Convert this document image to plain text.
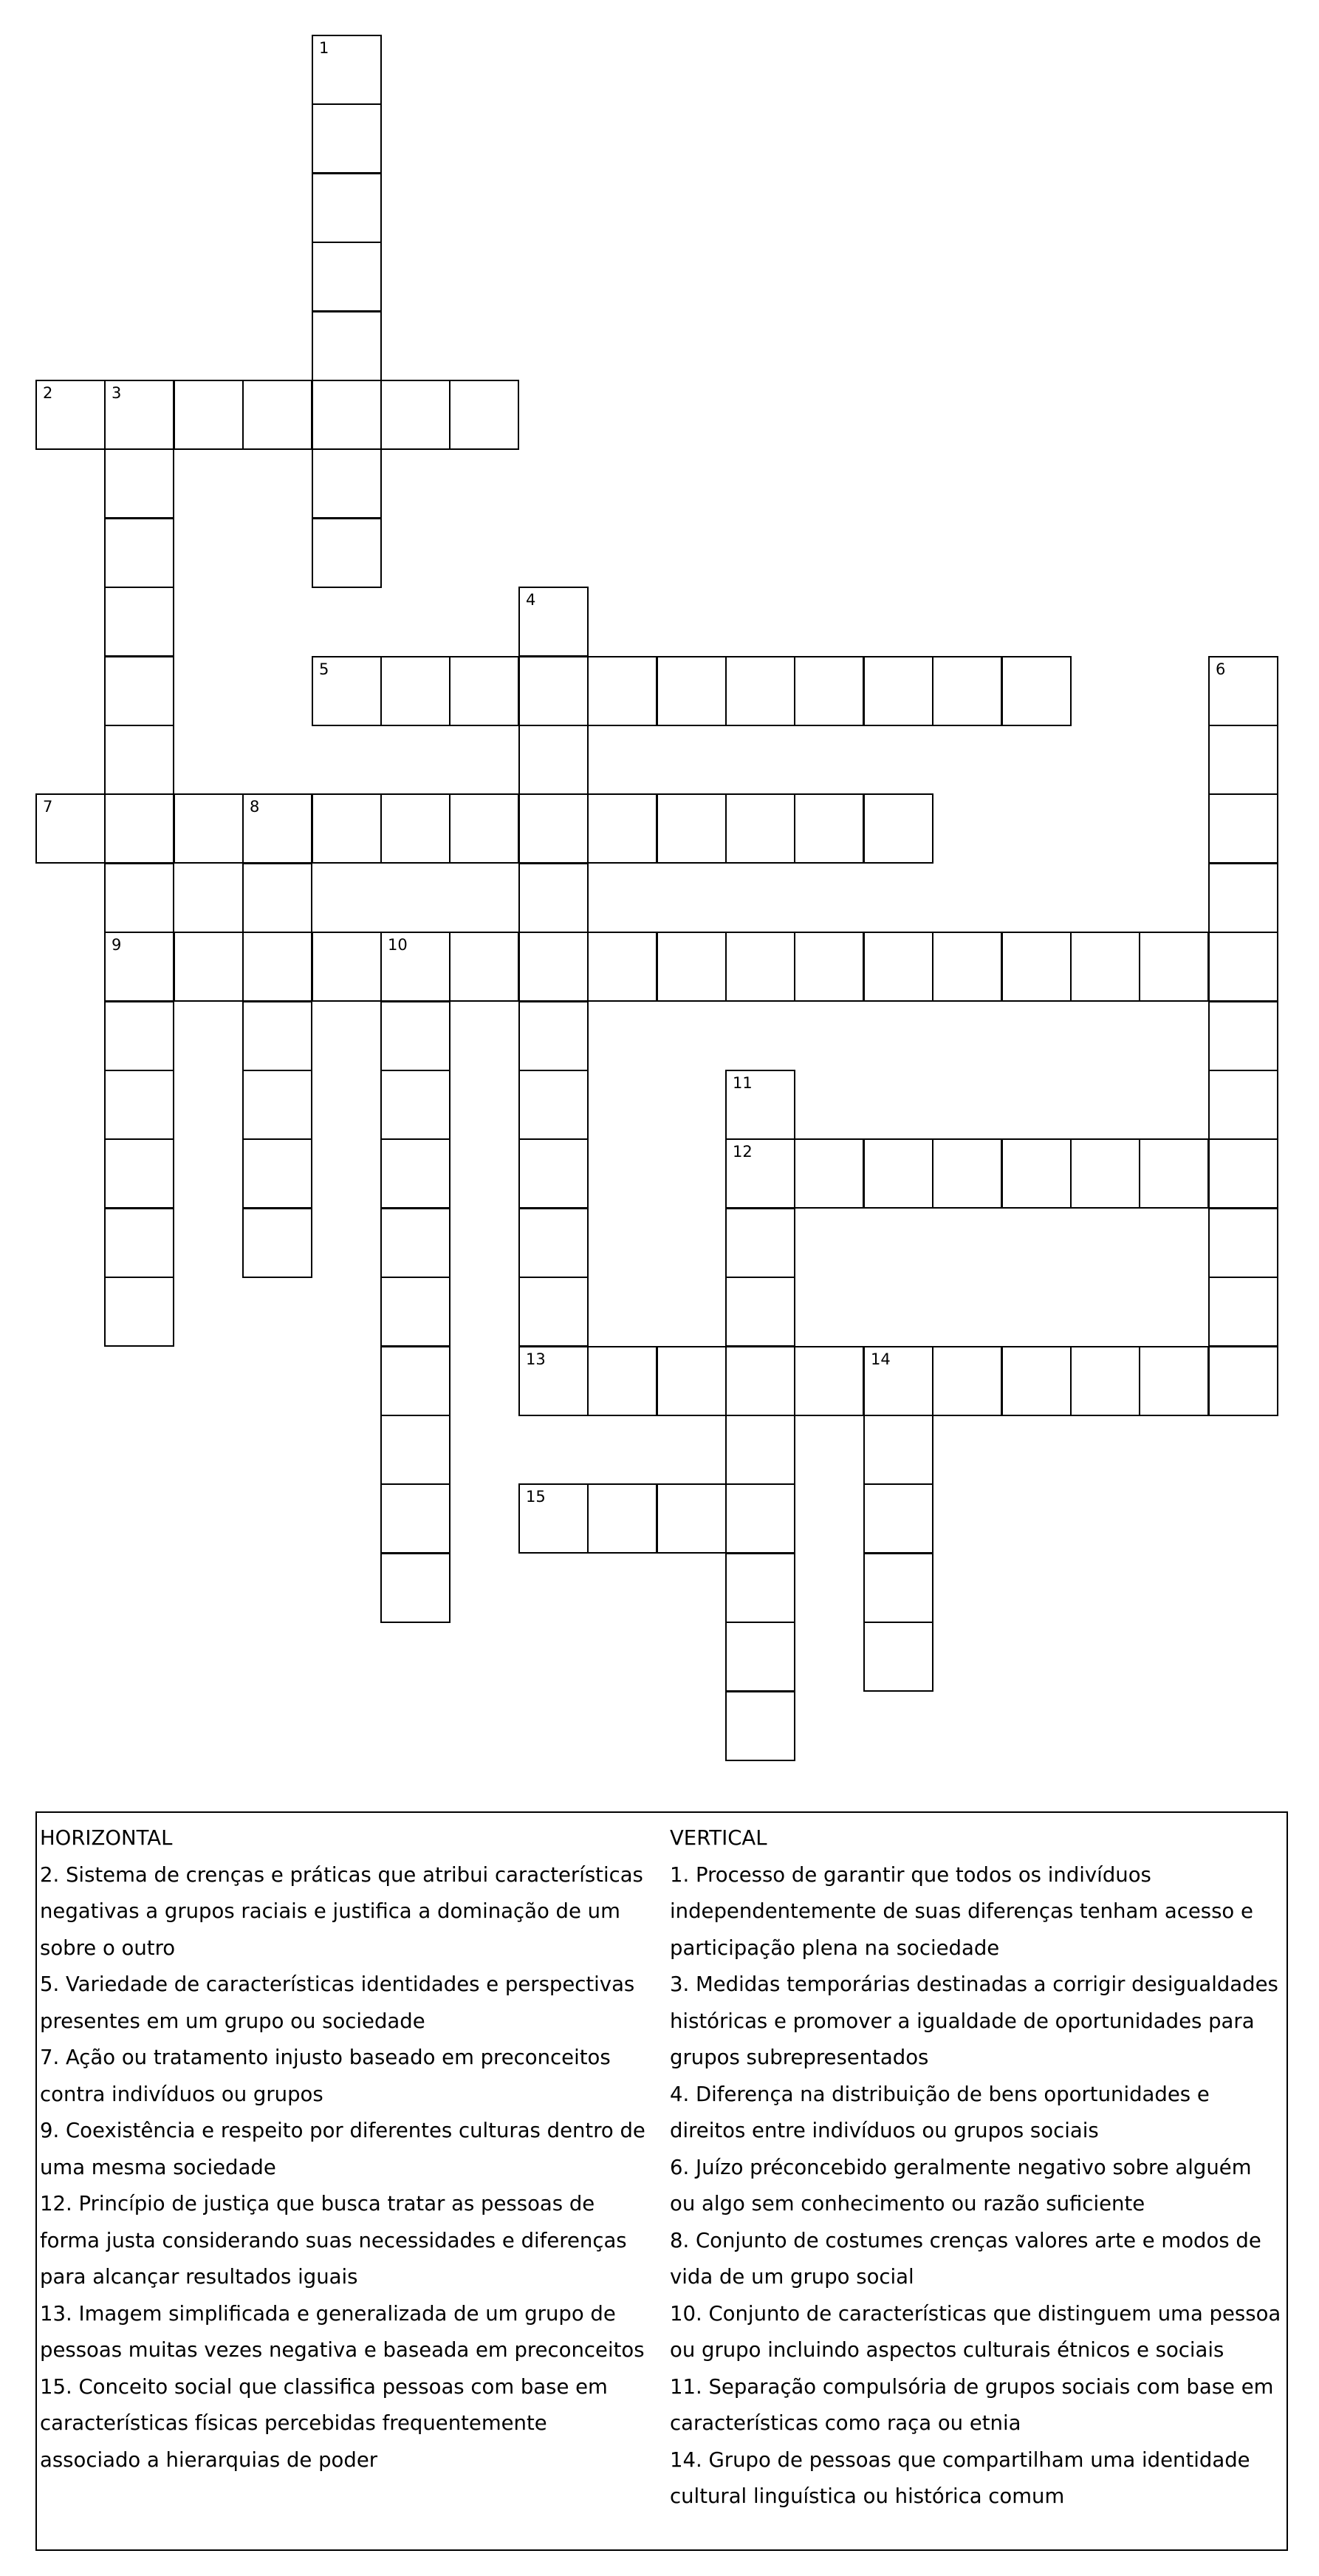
1
2	3
9
4
13
5	6
7	8
10
11
12
14
15
HORIZONTAL
2. Sistema de crenças e práticas que atribui características negativas a grupos raciais e justifica a dominação de um sobre o outro
5. Variedade de características identidades e perspectivas presentes em um grupo ou sociedade
7. Ação ou tratamento injusto baseado em preconceitos contra indivíduos ou grupos
9. Coexistência e respeito por diferentes culturas dentro de uma mesma sociedade
12. Princípio de justiça que busca tratar as pessoas de forma justa considerando suas necessidades e diferenças para alcançar resultados iguais
13. Imagem simplificada e generalizada de um grupo de pessoas muitas vezes negativa e baseada em preconceitos
15. Conceito social que classifica pessoas com base em características físicas percebidas frequentemente associado a hierarquias de poder
VERTICAL
1. Processo de garantir que todos os indivíduos independentemente de suas diferenças tenham acesso e participação plena na sociedade
3. Medidas temporárias destinadas a corrigir desigualdades históricas e promover a igualdade de oportunidades para grupos subrepresentados
4. Diferença na distribuição de bens oportunidades e direitos entre indivíduos ou grupos sociais
6. Juízo préconcebido geralmente negativo sobre alguém ou algo sem conhecimento ou razão suficiente
8. Conjunto de costumes crenças valores arte e modos de vida de um grupo social
10. Conjunto de características que distinguem uma pessoa ou grupo incluindo aspectos culturais étnicos e sociais
11. Separação compulsória de grupos sociais com base em características como raça ou etnia
14. Grupo de pessoas que compartilham uma identidade cultural linguística ou histórica comum
